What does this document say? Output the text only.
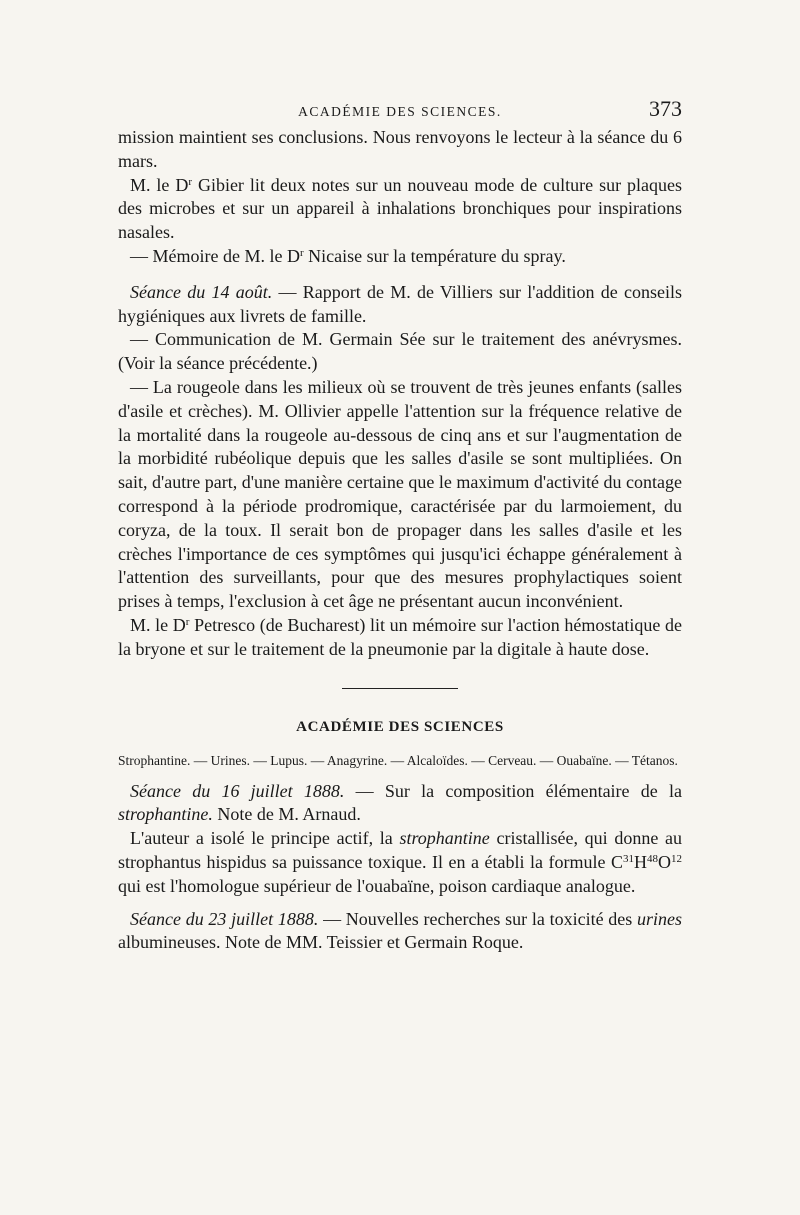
ACADÉMIE DES SCIENCES.	373

mission maintient ses conclusions. Nous renvoyons le lecteur à la séance du 6 mars.

M. le $D^r$ Gibier lit deux notes sur un nouveau mode de culture sur plaques des microbes et sur un appareil à inhalations bronchiques pour inspirations nasales.

— Mémoire de M. le $D^r$ Nicaise sur la température du spray.

Séance du 14 août. — Rapport de M. de Villiers sur l'addition de conseils hygiéniques aux livrets de famille.

— Communication de M. Germain Sée sur le traitement des anévrysmes. (Voir la séance précédente.)

— La rougeole dans les milieux où se trouvent de très jeunes enfants (salles d'asile et crèches). M. Ollivier appelle l'attention sur la fréquence relative de la mortalité dans la rougeole au-dessous de cinq ans et sur l'augmentation de la morbidité rubéolique depuis que les salles d'asile se sont multipliées. On sait, d'autre part, d'une manière certaine que le maximum d'activité du contage correspond à la période prodromique, caractérisée par du larmoiement, du coryza, de la toux. Il serait bon de propager dans les salles d'asile et les crèches l'importance de ces symptômes qui jusqu'ici échappe généralement à l'attention des surveillants, pour que des mesures prophylactiques soient prises à temps, l'exclusion à cet âge ne présentant aucun inconvénient.

M. le $D^r$ Petresco (de Bucharest) lit un mémoire sur l'action hémostatique de la bryone et sur le traitement de la pneumonie par la digitale à haute dose.

ACADÉMIE DES SCIENCES

Strophantine. — Urines. — Lupus. — Anagyrine. — Alcaloïdes. — Cerveau. — Ouabaïne. — Tétanos.

Séance du 16 juillet 1888. — Sur la composition élémentaire de la strophantine. Note de M. Arnaud.

L'auteur a isolé le principe actif, la strophantine cristallisée, qui donne au strophantus hispidus sa puissance toxique. Il en a établi la formule $C^{31}H^{48}O^{12}$ qui est l'homologue supérieur de l'ouabaïne, poison cardiaque analogue.

Séance du 23 juillet 1888. — Nouvelles recherches sur la toxicité des urines albumineuses. Note de MM. Teissier et Germain Roque.
